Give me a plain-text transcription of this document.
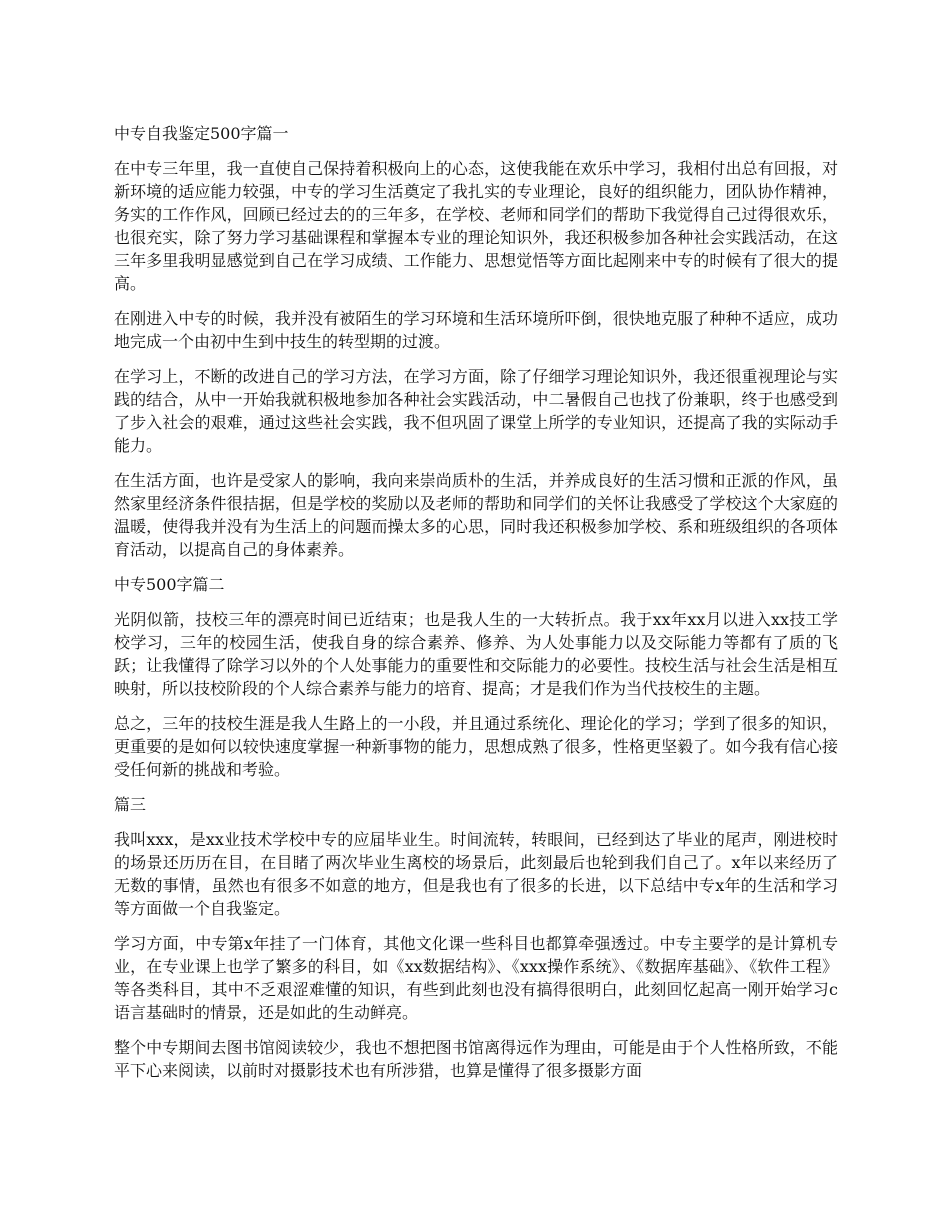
中专自我鉴定500字篇一
在中专三年里，我一直使自己保持着积极向上的心态，这使我能在欢乐中学习，我相付出总有回报，对新环境的适应能力较强，中专的学习生活奠定了我扎实的专业理论，良好的组织能力，团队协作精神，务实的工作作风，回顾已经过去的的三年多，在学校、老师和同学们的帮助下我觉得自己过得很欢乐，也很充实，除了努力学习基础课程和掌握本专业的理论知识外，我还积极参加各种社会实践活动，在这三年多里我明显感觉到自己在学习成绩、工作能力、思想觉悟等方面比起刚来中专的时候有了很大的提高。
在刚进入中专的时候，我并没有被陌生的学习环境和生活环境所吓倒，很快地克服了种种不适应，成功地完成一个由初中生到中技生的转型期的过渡。
在学习上，不断的改进自己的学习方法，在学习方面，除了仔细学习理论知识外，我还很重视理论与实践的结合，从中一开始我就积极地参加各种社会实践活动，中二暑假自己也找了份兼职，终于也感受到了步入社会的艰难，通过这些社会实践，我不但巩固了课堂上所学的专业知识，还提高了我的实际动手能力。
在生活方面，也许是受家人的影响，我向来崇尚质朴的生活，并养成良好的生活习惯和正派的作风，虽然家里经济条件很拮据，但是学校的奖励以及老师的帮助和同学们的关怀让我感受了学校这个大家庭的温暖，使得我并没有为生活上的问题而操太多的心思，同时我还积极参加学校、系和班级组织的各项体育活动，以提高自己的身体素养。
中专500字篇二
光阴似箭，技校三年的漂亮时间已近结束；也是我人生的一大转折点。我于xx年xx月以进入xx技工学校学习，三年的校园生活，使我自身的综合素养、修养、为人处事能力以及交际能力等都有了质的飞跃；让我懂得了除学习以外的个人处事能力的重要性和交际能力的必要性。技校生活与社会生活是相互映射，所以技校阶段的个人综合素养与能力的培育、提高；才是我们作为当代技校生的主题。
总之，三年的技校生涯是我人生路上的一小段，并且通过系统化、理论化的学习；学到了很多的知识，更重要的是如何以较快速度掌握一种新事物的能力，思想成熟了很多，性格更坚毅了。如今我有信心接受任何新的挑战和考验。
篇三
我叫xxx，是xx业技术学校中专的应届毕业生。时间流转，转眼间，已经到达了毕业的尾声，刚进校时的场景还历历在目，在目睹了两次毕业生离校的场景后，此刻最后也轮到我们自己了。x年以来经历了无数的事情，虽然也有很多不如意的地方，但是我也有了很多的长进，以下总结中专x年的生活和学习等方面做一个自我鉴定。
学习方面，中专第x年挂了一门体育，其他文化课一些科目也都算牵强透过。中专主要学的是计算机专业，在专业课上也学了繁多的科目，如《xx数据结构》、《xxx操作系统》、《数据库基础》、《软件工程》等各类科目，其中不乏艰涩难懂的知识，有些到此刻也没有搞得很明白，此刻回忆起高一刚开始学习c语言基础时的情景，还是如此的生动鲜亮。
整个中专期间去图书馆阅读较少，我也不想把图书馆离得远作为理由，可能是由于个人性格所致，不能平下心来阅读，以前时对摄影技术也有所涉猎，也算是懂得了很多摄影方面
